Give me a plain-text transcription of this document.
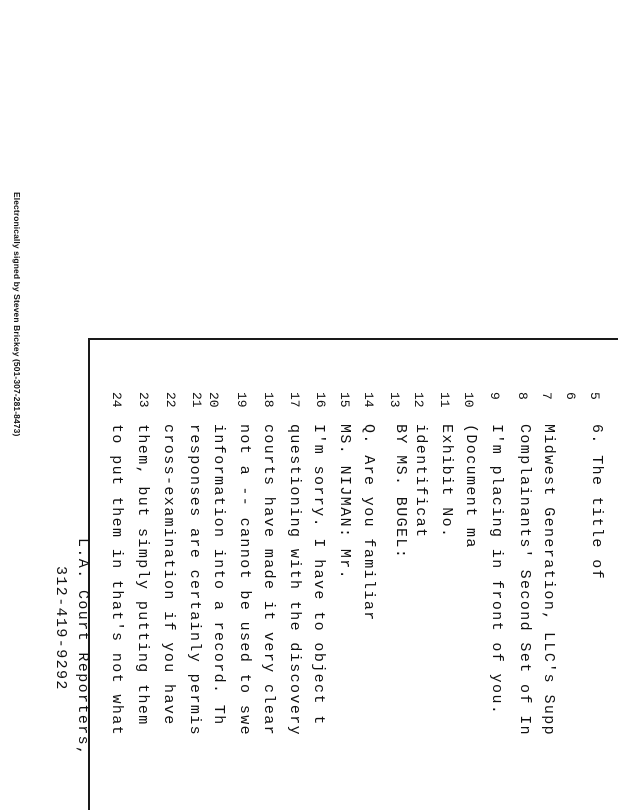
Electronically signed by Steven Brickey (501-307-281-8473)	24 23 22 21 20 19 18 17 16 15 14 13 12 11 10 9 8 7 6 5
to put them in that's not what them, but simply putting them cross-examination if you have responses are certainly permis information into a record. Th not a -- cannot be used to swe courts have made it very clear questioning with the discovery I'm sorry. I have to object t MS. NIJMAN: Mr. Q. Are you familiar BY MS. BUGEL: identificat Exhibit No. (Document ma I'm placing in front of you. Complainants' Second Set of In Midwest Generation, LLC's Supp 6. The title of
L.A. Court Reporters,
312-419-9292
